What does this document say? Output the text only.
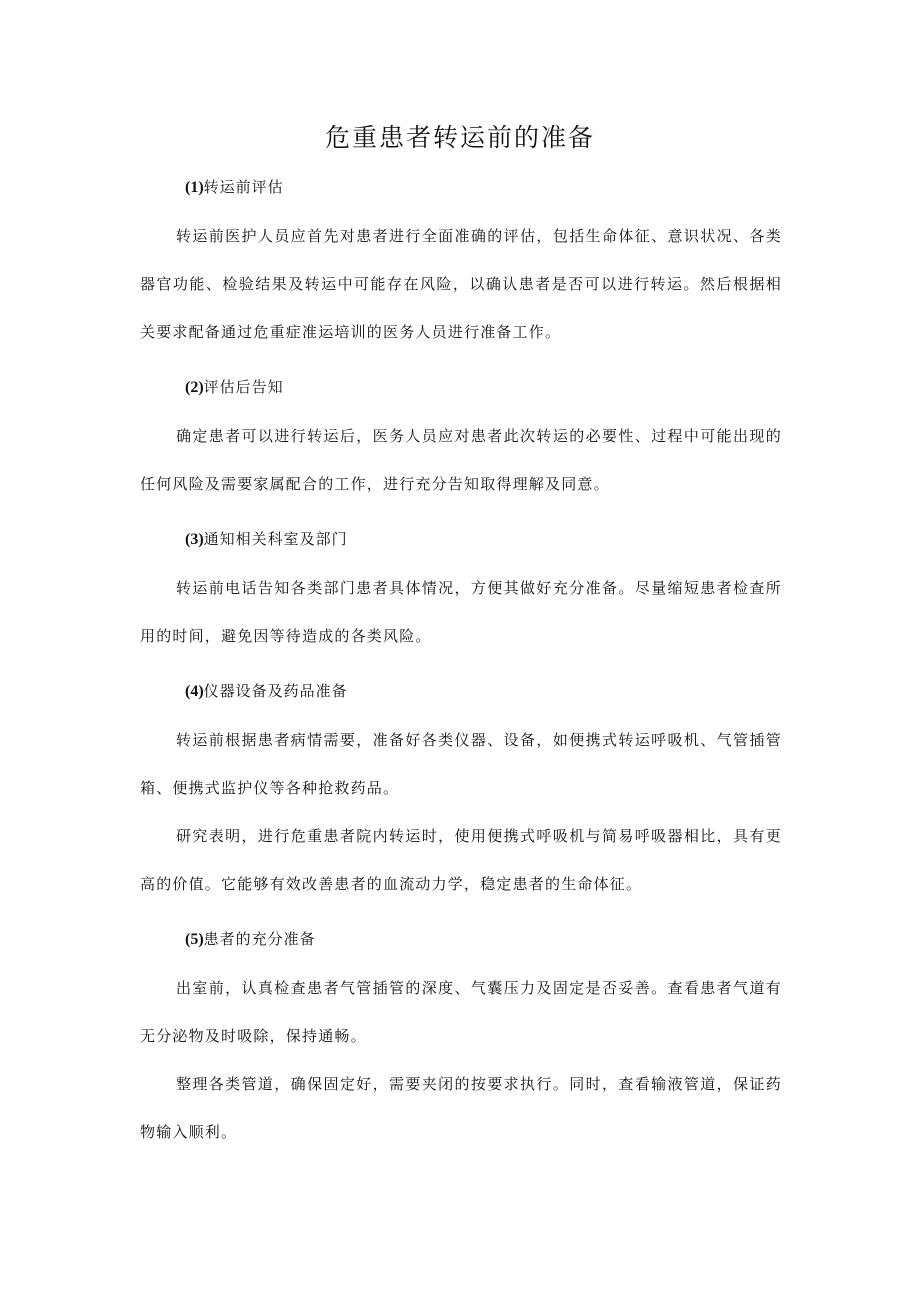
危重患者转运前的准备

(1)转运前评估

转运前医护人员应首先对患者进行全面准确的评估，包括生命体征、意识状况、各类器官功能、检验结果及转运中可能存在风险，以确认患者是否可以进行转运。然后根据相关要求配备通过危重症准运培训的医务人员进行准备工作。

(2)评估后告知

确定患者可以进行转运后，医务人员应对患者此次转运的必要性、过程中可能出现的任何风险及需要家属配合的工作，进行充分告知取得理解及同意。

(3)通知相关科室及部门

转运前电话告知各类部门患者具体情况，方便其做好充分准备。尽量缩短患者检查所用的时间，避免因等待造成的各类风险。

(4)仪器设备及药品准备

转运前根据患者病情需要，准备好各类仪器、设备，如便携式转运呼吸机、气管插管箱、便携式监护仪等各种抢救药品。

研究表明，进行危重患者院内转运时，使用便携式呼吸机与简易呼吸器相比，具有更高的价值。它能够有效改善患者的血流动力学，稳定患者的生命体征。

(5)患者的充分准备

出室前，认真检查患者气管插管的深度、气囊压力及固定是否妥善。查看患者气道有无分泌物及时吸除，保持通畅。

整理各类管道，确保固定好，需要夹闭的按要求执行。同时，查看输液管道，保证药物输入顺利。
